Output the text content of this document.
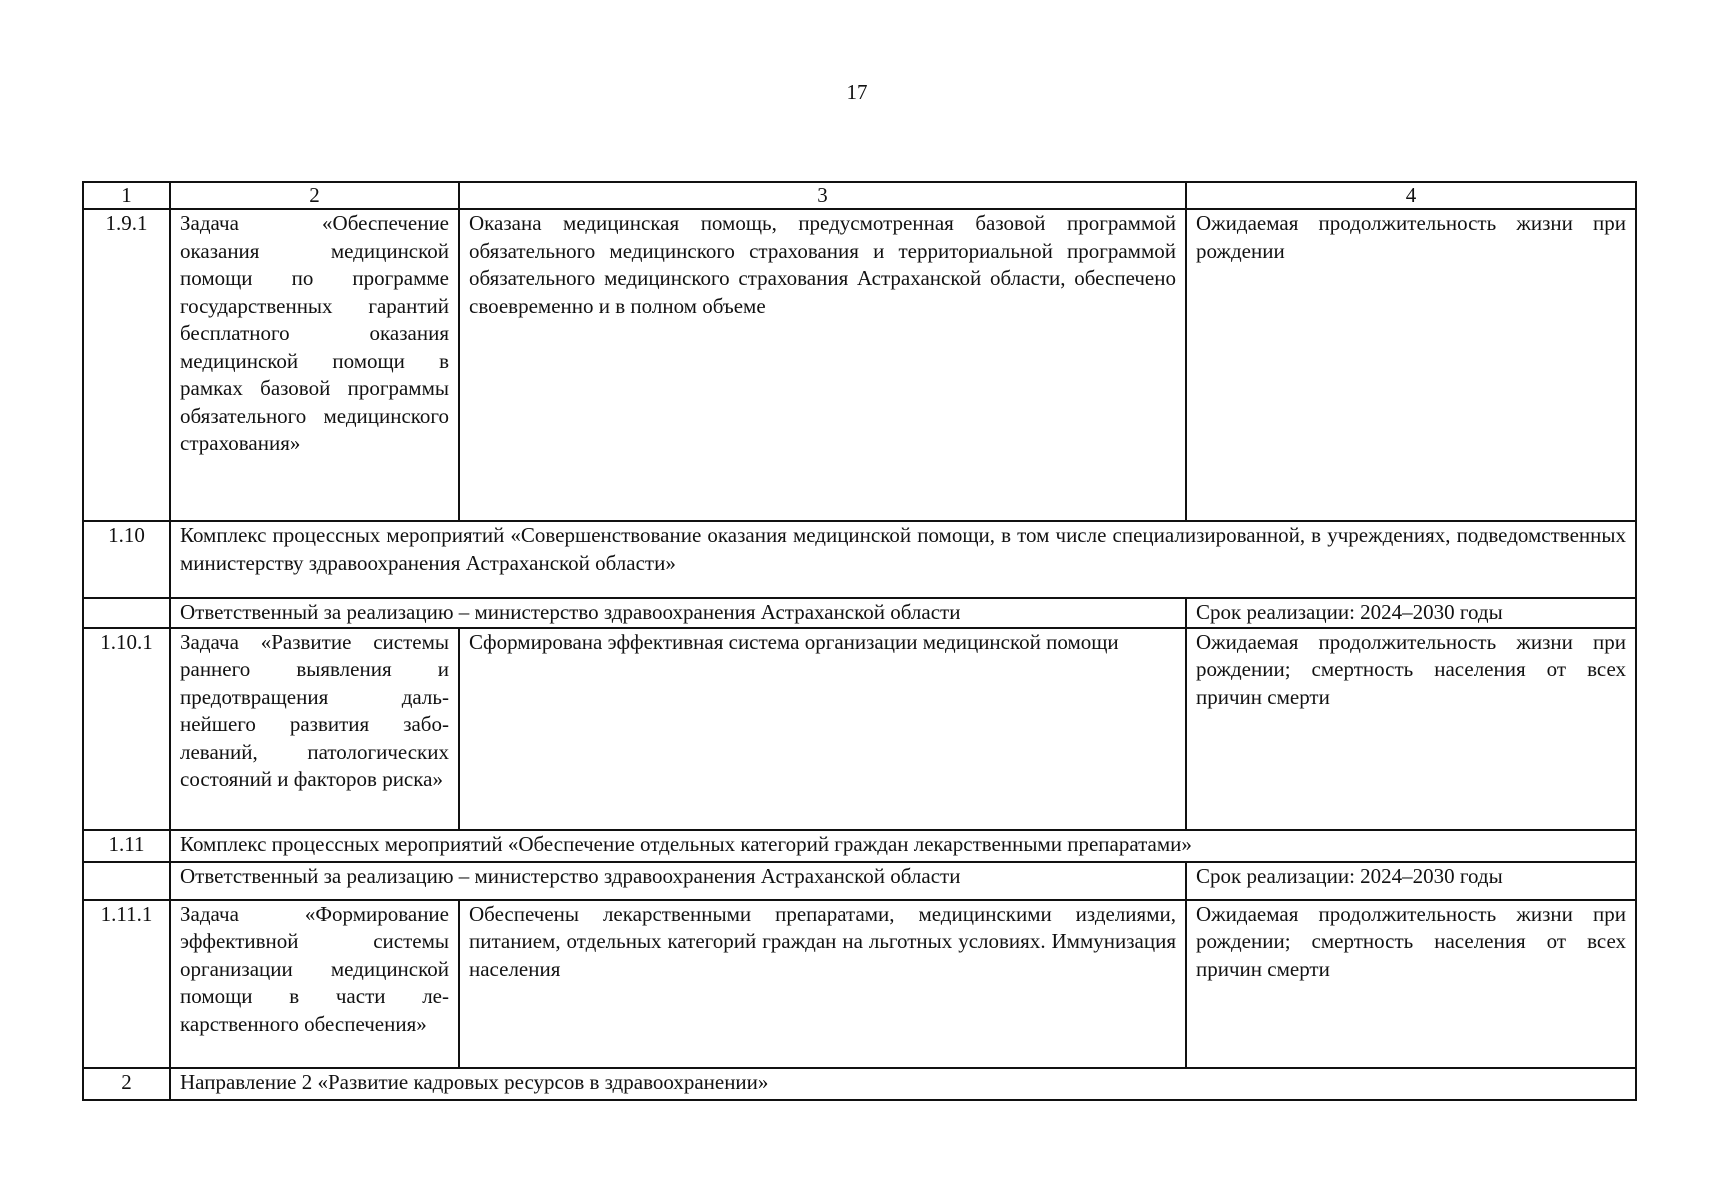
17
1	2	3	4
1.9.1	Задача «Обеспечение оказания медицинской помощи по программе государственных гарантий бесплатного оказания медицинской помощи в рамках базовой программы обязательного медицинского страхования»	Оказана медицинская помощь, предусмотренная базовой программой обязательного медицинского страхования и территориальной программой обязательного медицинского страхования Астраханской области, обеспечено своевременно и в полном объеме	Ожидаемая продолжительность жизни при рождении
1.10	Комплекс процессных мероприятий «Совершенствование оказания медицинской помощи, в том числе специализированной, в учреждениях, подведомственных министерству здравоохранения Астраханской области»		
	Ответственный за реализацию – министерство здравоохранения Астраханской области		Срок реализации: 2024–2030 годы
1.10.1	Задача «Развитие системы раннего выявления и предотвращения дальнейшего развития заболеваний, патологических состояний и факторов риска»	Сформирована эффективная система организации медицинской помощи	Ожидаемая продолжительность жизни при рождении; смертность населения от всех причин смерти
1.11	Комплекс процессных мероприятий «Обеспечение отдельных категорий граждан лекарственными препаратами»		
	Ответственный за реализацию – министерство здравоохранения Астраханской области		Срок реализации: 2024–2030 годы
1.11.1	Задача «Формирование эффективной системы организации медицинской помощи в части лекарственного обеспечения»	Обеспечены лекарственными препаратами, медицинскими изделиями, питанием, отдельных категорий граждан на льготных условиях. Иммунизация населения	Ожидаемая продолжительность жизни при рождении; смертность населения от всех причин смерти
2	Направление 2 «Развитие кадровых ресурсов в здравоохранении»		
